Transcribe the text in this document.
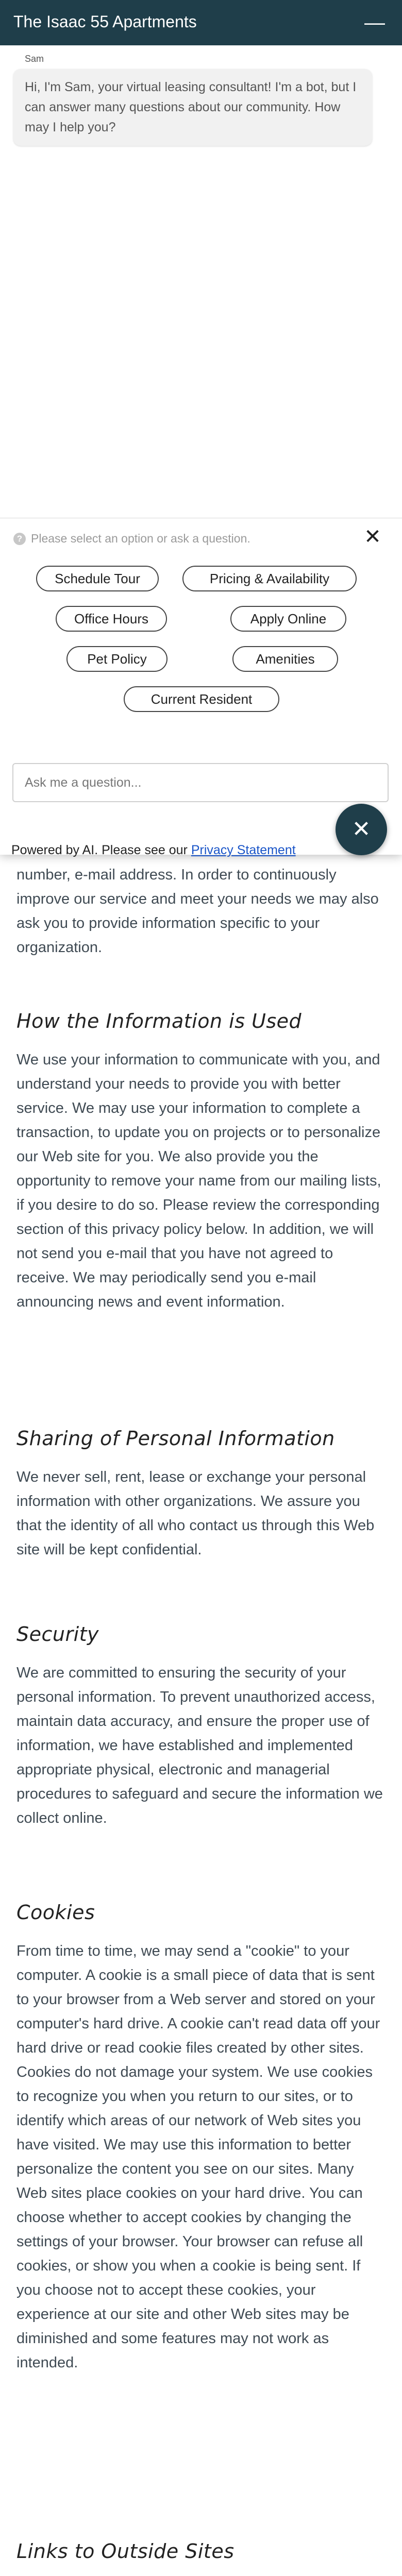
number, e-mail address. In order to continuously improve our service and meet your needs we may also ask you to provide information specific to your organization.

How the Information is Used

We use your information to communicate with you, and understand your needs to provide you with better service. We may use your information to complete a transaction, to update you on projects or to personalize our Web site for you. We also provide you the opportunity to remove your name from our mailing lists, if you desire to do so. Please review the corresponding section of this privacy policy below. In addition, we will not send you e-mail that you have not agreed to receive. We may periodically send you e-mail announcing news and event information.

Sharing of Personal Information

We never sell, rent, lease or exchange your personal information with other organizations. We assure you that the identity of all who contact us through this Web site will be kept confidential.

Security

We are committed to ensuring the security of your personal information. To prevent unauthorized access, maintain data accuracy, and ensure the proper use of information, we have established and implemented appropriate physical, electronic and managerial procedures to safeguard and secure the information we collect online.

Cookies

From time to time, we may send a "cookie" to your computer. A cookie is a small piece of data that is sent to your browser from a Web server and stored on your computer's hard drive. A cookie can't read data off your hard drive or read cookie files created by other sites. Cookies do not damage your system. We use cookies to recognize you when you return to our sites, or to identify which areas of our network of Web sites you have visited. We may use this information to better personalize the content you see on our sites. Many Web sites place cookies on your hard drive. You can choose whether to accept cookies by changing the settings of your browser. Your browser can refuse all cookies, or show you when a cookie is being sent. If you choose not to accept these cookies, your experience at our site and other Web sites may be diminished and some features may not work as intended.

Links to Outside Sites

The Isaac 55 Apartments	—
Sam
Hi, I'm Sam, your virtual leasing consultant! I'm a bot, but I can answer many questions about our community. How may I help you?
? Please select an option or ask a question.	✕
Schedule Tour	Pricing & Availability
Office Hours	Apply Online
Pet Policy	Amenities
Current Resident
Ask me a question...
Powered by AI. Please see our Privacy Statement
✕
